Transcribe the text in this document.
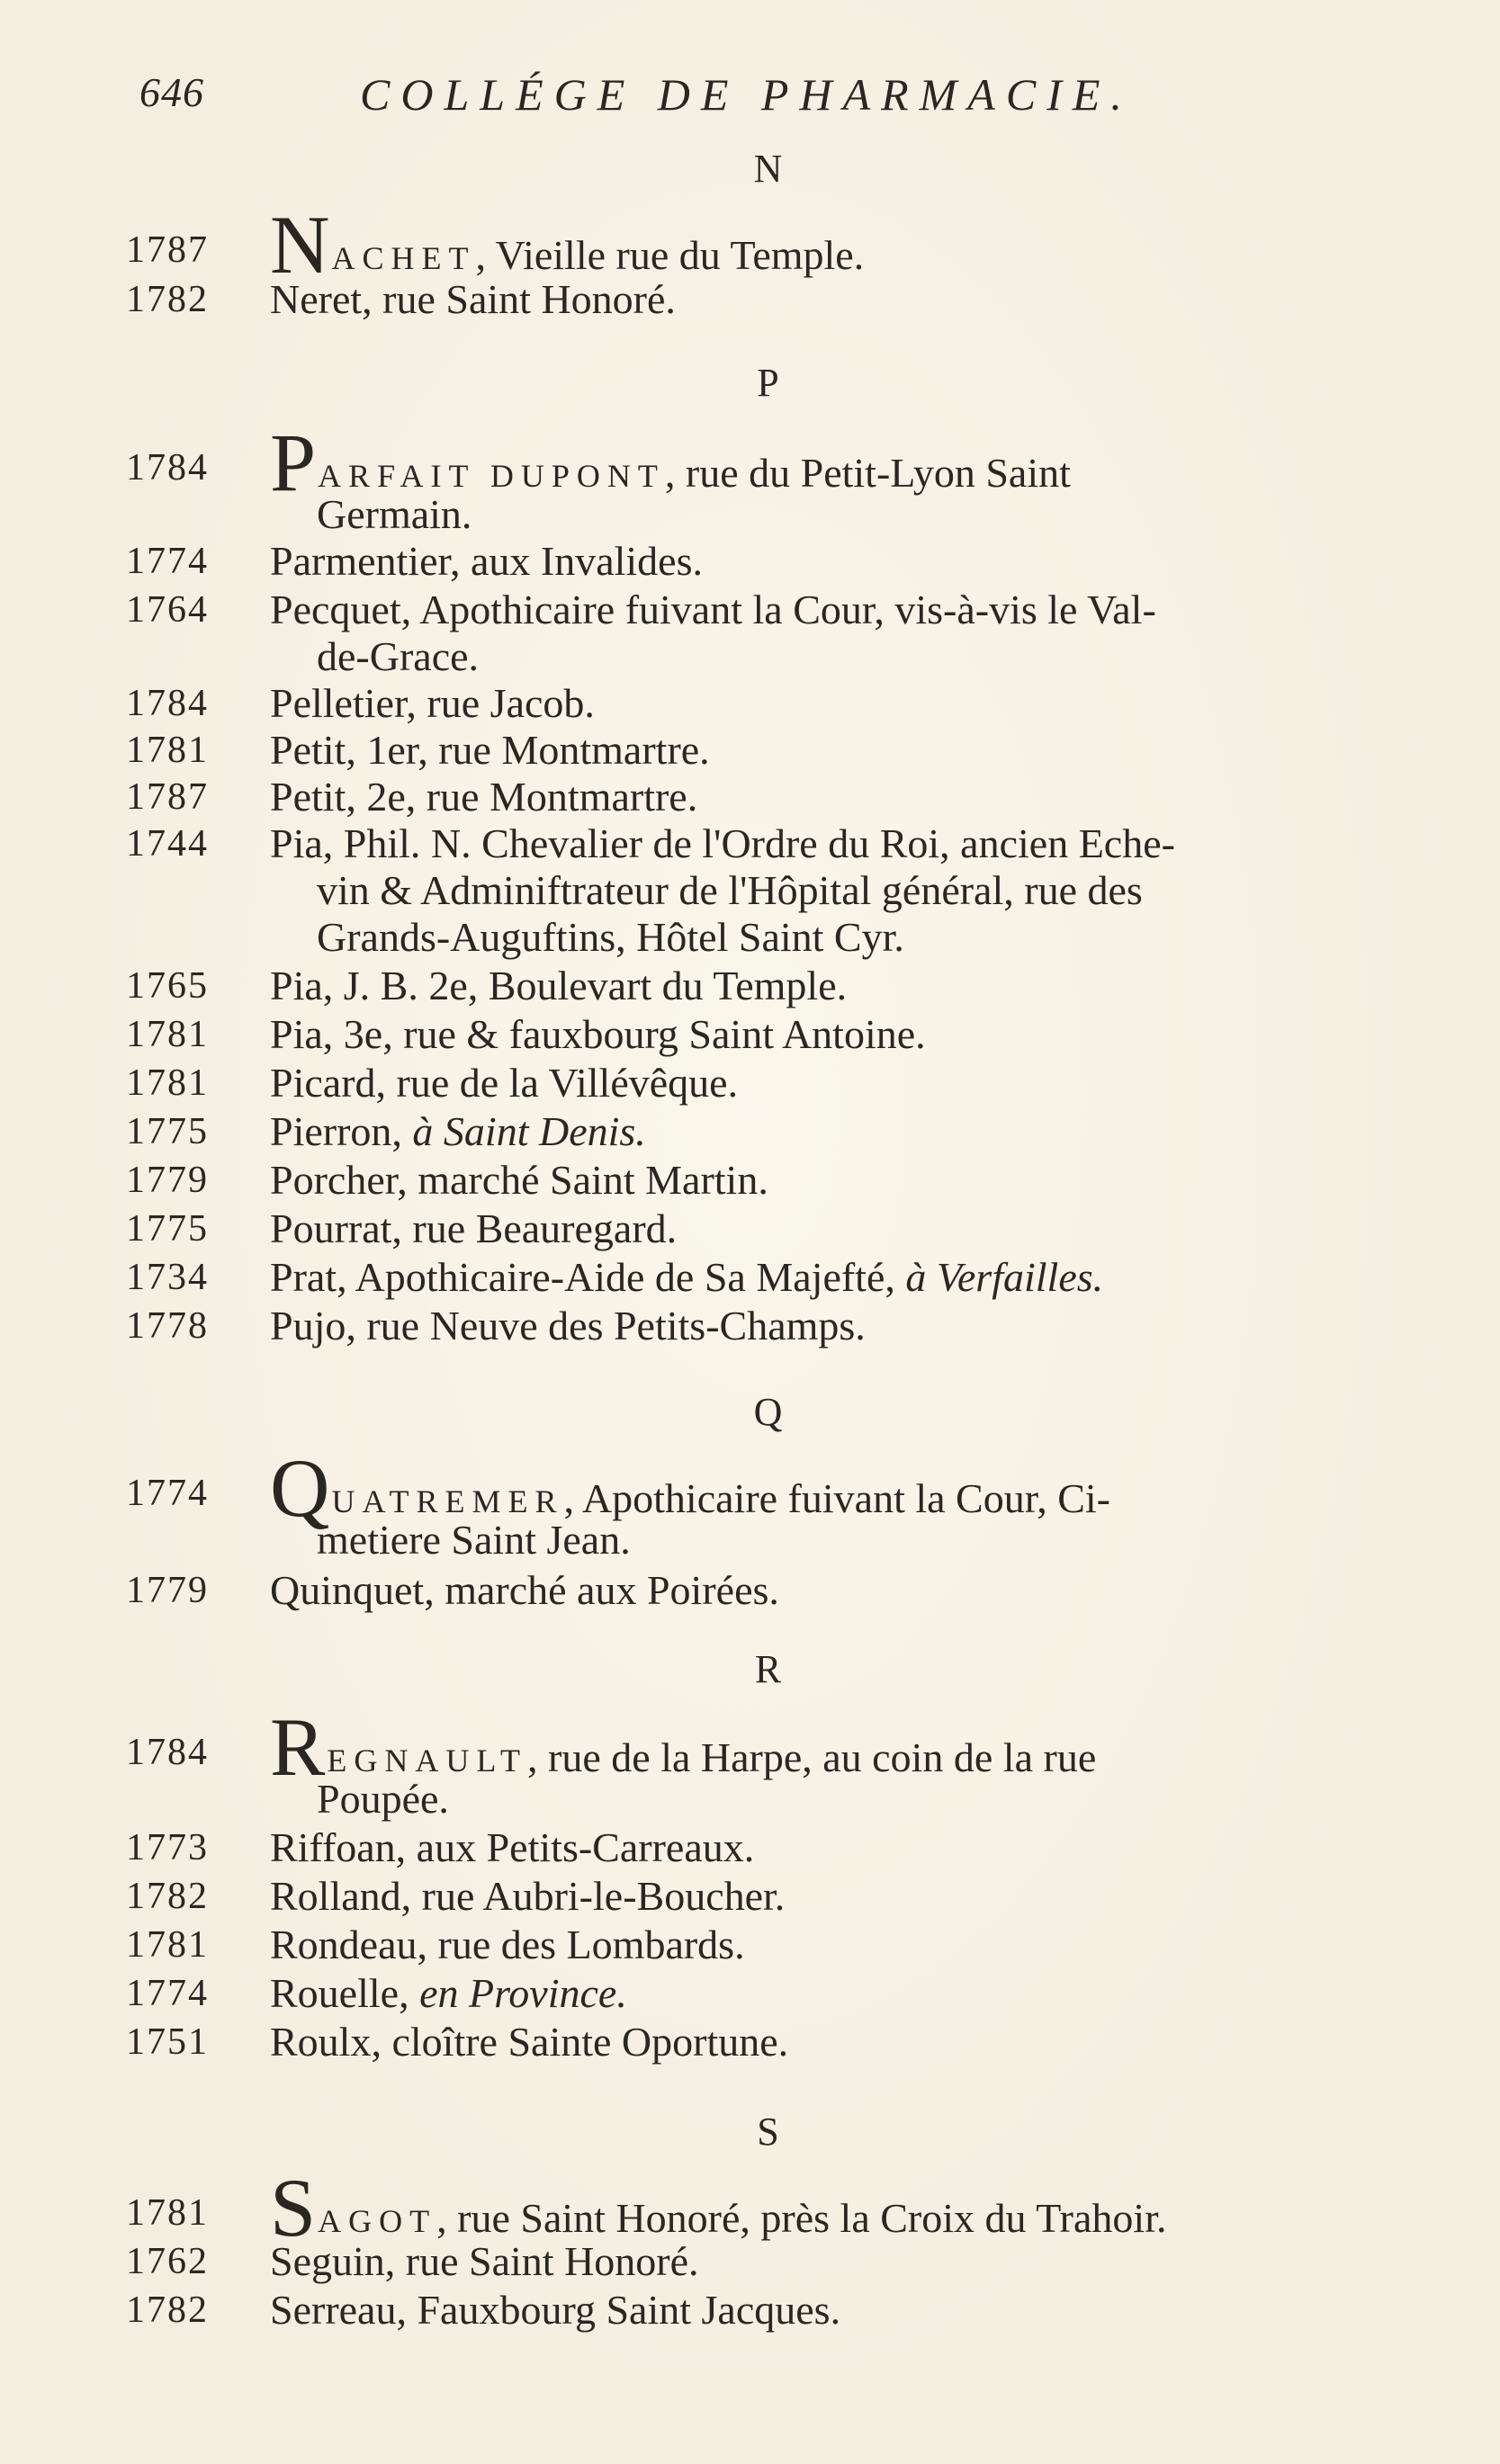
646	COLLÉGE DE PHARMACIE.
N
1787 NACHET, Vieille rue du Temple.
1782	Neret, rue Saint Honoré.
P
1784 PARFAIT DUPONT, rue du Petit-Lyon Saint
Germain.
1774	Parmentier, aux Invalides.
1764	Pecquet, Apothicaire fuivant la Cour, vis-à-vis le Val-
de-Grace.
1784	Pelletier, rue Jacob.
1781	Petit, 1er, rue Montmartre.
1787	Petit, 2e, rue Montmartre.
1744	Pia, Phil. N. Chevalier de l'Ordre du Roi, ancien Eche-
vin & Adminiftrateur de l'Hôpital général, rue des
Grands-Auguftins, Hôtel Saint Cyr.
1765	Pia, J. B. 2e, Boulevart du Temple.
1781	Pia, 3e, rue & fauxbourg Saint Antoine.
1781	Picard, rue de la Villévêque.
1775	Pierron, à Saint Denis.
1779	Porcher, marché Saint Martin.
1775	Pourrat, rue Beauregard.
1734	Prat, Apothicaire-Aide de Sa Majefté, à Verfailles.
1778	Pujo, rue Neuve des Petits-Champs.
Q
1774 QUATREMER, Apothicaire fuivant la Cour, Ci-
metiere Saint Jean.
1779	Quinquet, marché aux Poirées.
R
1784 REGNAULT, rue de la Harpe, au coin de la rue
Poupée.
1773	Riffoan, aux Petits-Carreaux.
1782	Rolland, rue Aubri-le-Boucher.
1781	Rondeau, rue des Lombards.
1774	Rouelle, en Province.
1751	Roulx, cloître Sainte Oportune.
S
1781 SAGOT, rue Saint Honoré, près la Croix du Trahoir.
1762	Seguin, rue Saint Honoré.
1782	Serreau, Fauxbourg Saint Jacques.
